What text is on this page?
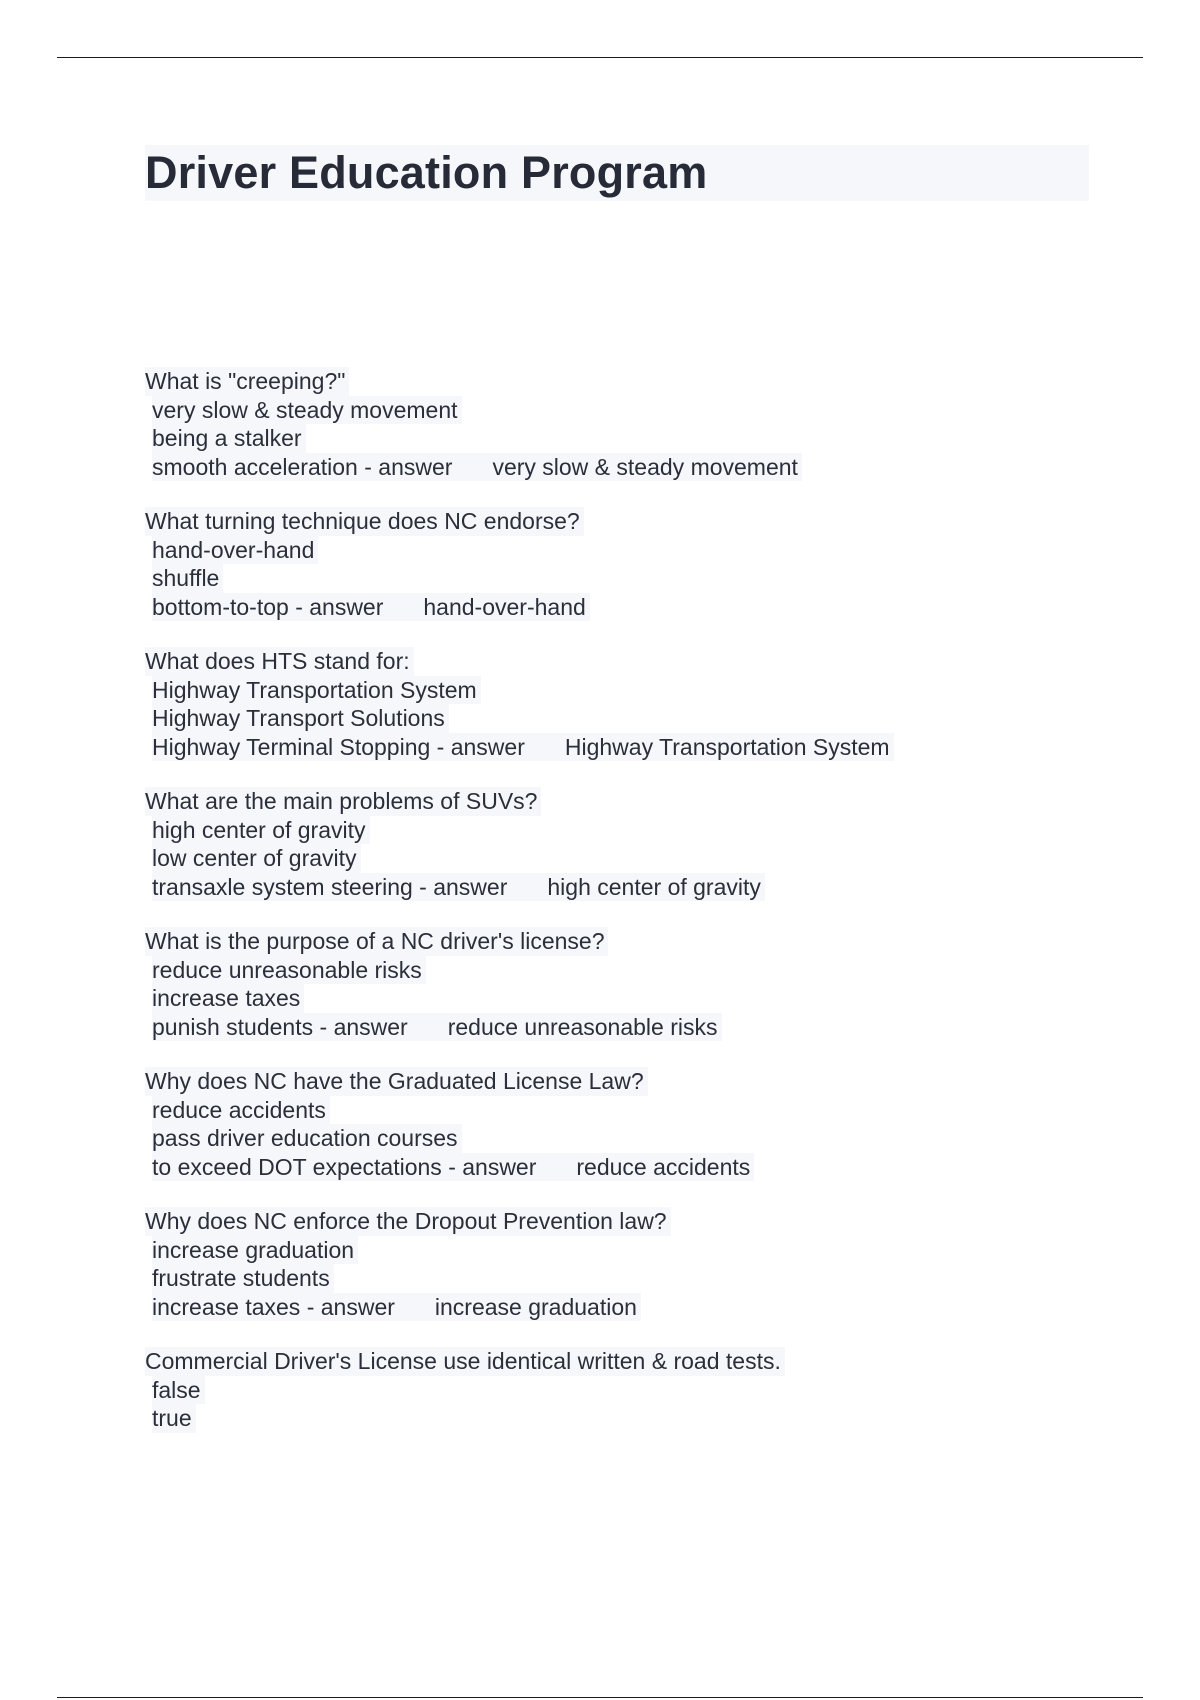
Driver Education Program
What is "creeping?"
very slow & steady movement
being a stalker
smooth acceleration - answer very slow & steady movement
What turning technique does NC endorse?
hand-over-hand
shuffle
bottom-to-top - answer hand-over-hand
What does HTS stand for:
Highway Transportation System
Highway Transport Solutions
Highway Terminal Stopping - answer Highway Transportation System
What are the main problems of SUVs?
high center of gravity
low center of gravity
transaxle system steering - answer high center of gravity
What is the purpose of a NC driver's license?
reduce unreasonable risks
increase taxes
punish students - answer reduce unreasonable risks
Why does NC have the Graduated License Law?
reduce accidents
pass driver education courses
to exceed DOT expectations - answer reduce accidents
Why does NC enforce the Dropout Prevention law?
increase graduation
frustrate students
increase taxes - answer increase graduation
Commercial Driver's License use identical written & road tests.
false
true
